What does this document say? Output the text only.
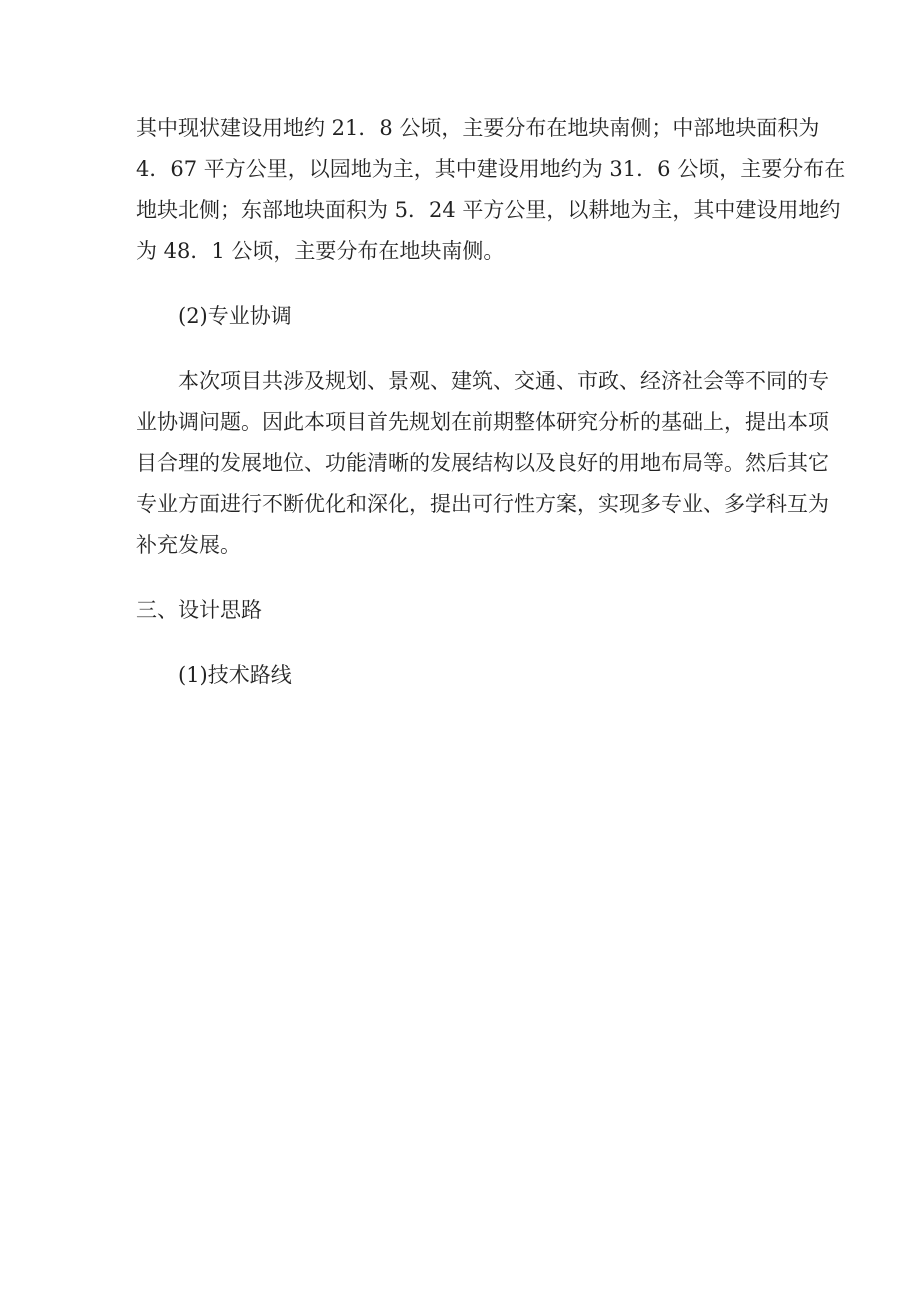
其中现状建设用地约 21．8 公顷，主要分布在地块南侧；中部地块面积为
4．67 平方公里，以园地为主，其中建设用地约为 31．6 公顷，主要分布在
地块北侧；东部地块面积为 5．24 平方公里，以耕地为主，其中建设用地约
为 48．1 公顷，主要分布在地块南侧。

(2)专业协调

本次项目共涉及规划、景观、建筑、交通、市政、经济社会等不同的专
业协调问题。因此本项目首先规划在前期整体研究分析的基础上，提出本项
目合理的发展地位、功能清晰的发展结构以及良好的用地布局等。然后其它
专业方面进行不断优化和深化，提出可行性方案，实现多专业、多学科互为
补充发展。

三、设计思路

(1)技术路线
